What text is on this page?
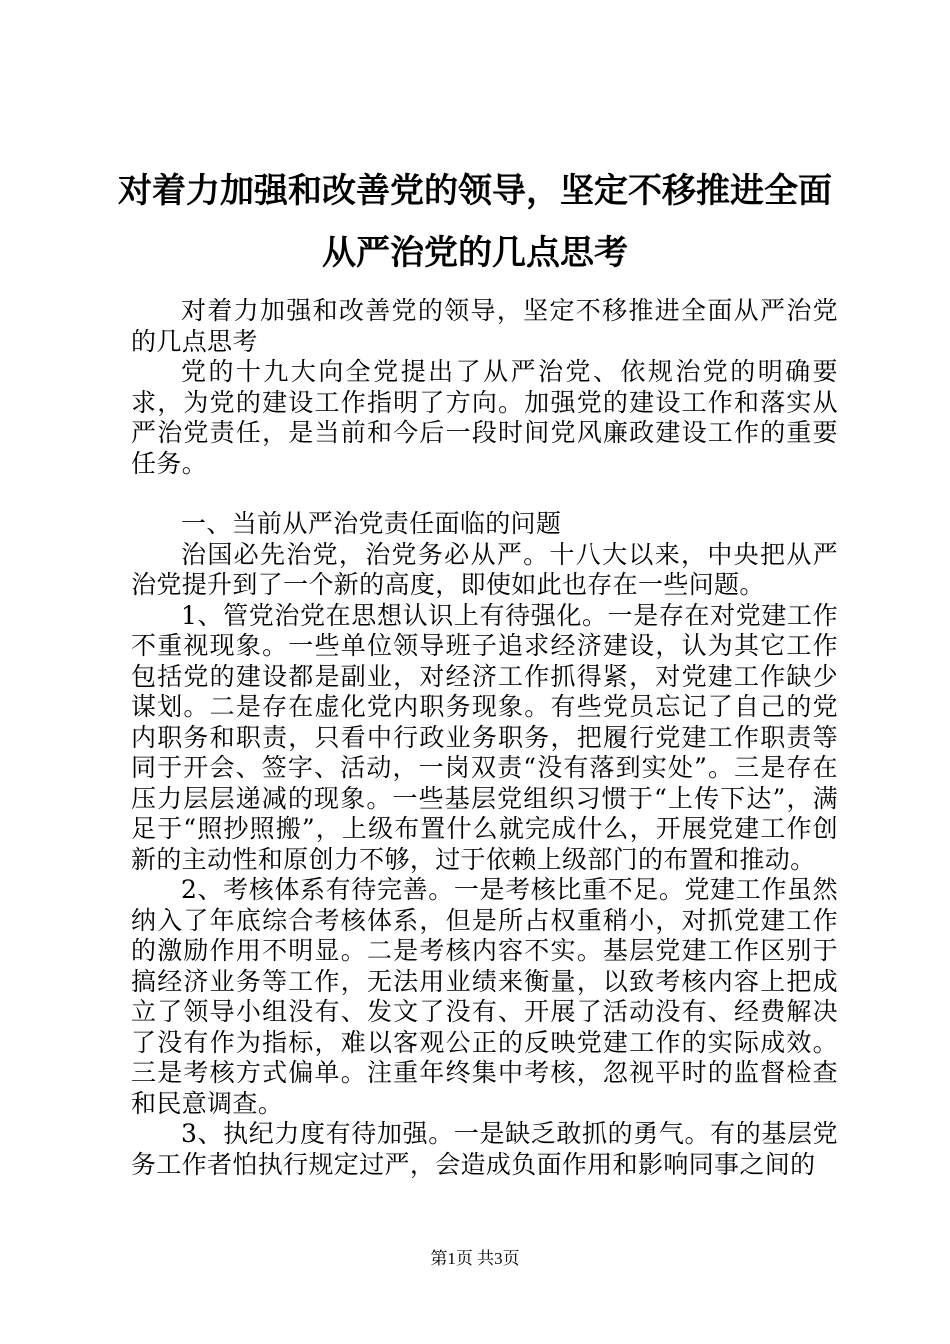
对着力加强和改善党的领导，坚定不移推进全面从严治党的几点思考

对着力加强和改善党的领导，坚定不移推进全面从严治党的几点思考

党的十九大向全党提出了从严治党、依规治党的明确要求，为党的建设工作指明了方向。加强党的建设工作和落实从严治党责任，是当前和今后一段时间党风廉政建设工作的重要任务。

一、当前从严治党责任面临的问题

治国必先治党，治党务必从严。十八大以来，中央把从严治党提升到了一个新的高度，即使如此也存在一些问题。

1、管党治党在思想认识上有待强化。一是存在对党建工作不重视现象。一些单位领导班子追求经济建设，认为其它工作包括党的建设都是副业，对经济工作抓得紧，对党建工作缺少谋划。二是存在虚化党内职务现象。有些党员忘记了自己的党内职务和职责，只看中行政业务职务，把履行党建工作职责等同于开会、签字、活动，一岗双责“没有落到实处”。三是存在压力层层递减的现象。一些基层党组织习惯于“上传下达”，满足于“照抄照搬”，上级布置什么就完成什么，开展党建工作创新的主动性和原创力不够，过于依赖上级部门的布置和推动。

2、考核体系有待完善。一是考核比重不足。党建工作虽然纳入了年底综合考核体系，但是所占权重稍小，对抓党建工作的激励作用不明显。二是考核内容不实。基层党建工作区别于搞经济业务等工作，无法用业绩来衡量，以致考核内容上把成立了领导小组没有、发文了没有、开展了活动没有、经费解决了没有作为指标，难以客观公正的反映党建工作的实际成效。三是考核方式偏单。注重年终集中考核，忽视平时的监督检查和民意调查。

3、执纪力度有待加强。一是缺乏敢抓的勇气。有的基层党务工作者怕执行规定过严，会造成负面作用和影响同事之间的

第1页 共3页
